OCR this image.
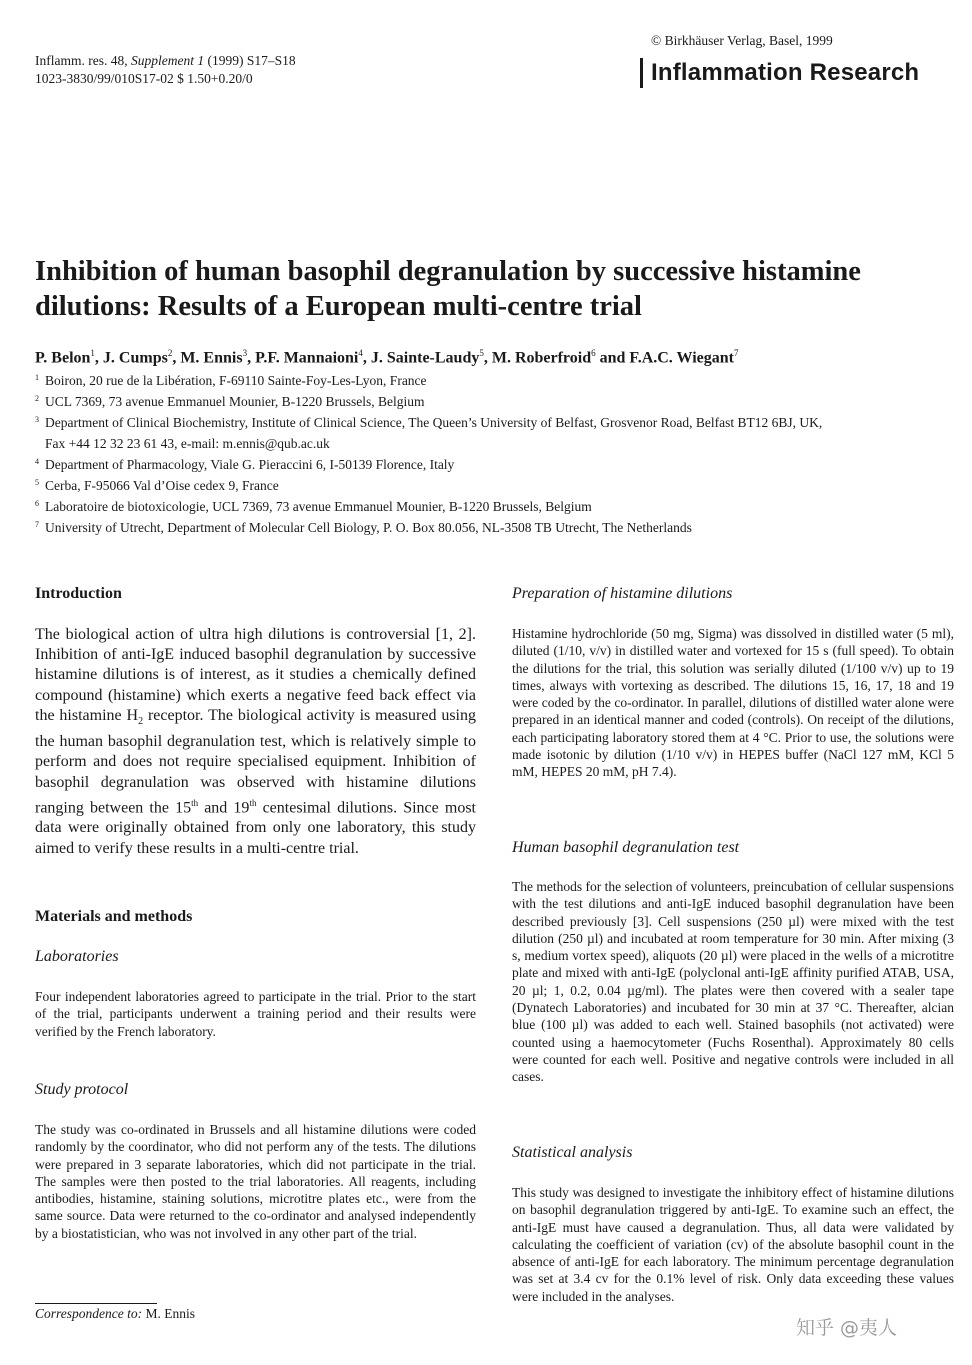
Inflamm. res. 48, Supplement 1 (1999) S17–S18
1023-3830/99/010S17-02 $ 1.50+0.20/0
© Birkhäuser Verlag, Basel, 1999
Inflammation Research
Inhibition of human basophil degranulation by successive histamine dilutions: Results of a European multi-centre trial
P. Belon$^1$, J. Cumps$^2$, M. Ennis$^3$, P.F. Mannaioni$^4$, J. Sainte-Laudy$^5$, M. Roberfroid$^6$ and F.A.C. Wiegant$^7$
1 Boiron, 20 rue de la Libération, F-69110 Sainte-Foy-Les-Lyon, France
2 UCL 7369, 73 avenue Emmanuel Mounier, B-1220 Brussels, Belgium
3 Department of Clinical Biochemistry, Institute of Clinical Science, The Queen’s University of Belfast, Grosvenor Road, Belfast BT12 6BJ, UK,
Fax +44 12 32 23 61 43, e-mail: m.ennis@qub.ac.uk
4 Department of Pharmacology, Viale G. Pieraccini 6, I-50139 Florence, Italy
5 Cerba, F-95066 Val d’Oise cedex 9, France
6 Laboratoire de biotoxicologie, UCL 7369, 73 avenue Emmanuel Mounier, B-1220 Brussels, Belgium
7 University of Utrecht, Department of Molecular Cell Biology, P. O. Box 80.056, NL-3508 TB Utrecht, The Netherlands
Introduction
The biological action of ultra high dilutions is controversial [1, 2]. Inhibition of anti-IgE induced basophil degranulation by successive histamine dilutions is of interest, as it studies a chemically defined compound (histamine) which exerts a negative feed back effect via the histamine $H_2$ receptor. The biological activity is measured using the human basophil degranulation test, which is relatively simple to perform and does not require specialised equipment. Inhibition of basophil degranulation was observed with histamine dilutions ranging between the 15th and 19th centesimal dilutions. Since most data were originally obtained from only one laboratory, this study aimed to verify these results in a multi-centre trial.
Materials and methods
Laboratories
Four independent laboratories agreed to participate in the trial. Prior to the start of the trial, participants underwent a training period and their results were verified by the French laboratory.
Study protocol
The study was co-ordinated in Brussels and all histamine dilutions were coded randomly by the coordinator, who did not perform any of the tests. The dilutions were prepared in 3 separate laboratories, which did not participate in the trial. The samples were then posted to the trial laboratories. All reagents, including antibodies, histamine, staining solutions, microtitre plates etc., were from the same source. Data were returned to the co-ordinator and analysed independently by a biostatistician, who was not involved in any other part of the trial.
Correspondence to: M. Ennis
Preparation of histamine dilutions
Histamine hydrochloride (50 mg, Sigma) was dissolved in distilled water (5 ml), diluted (1/10, v/v) in distilled water and vortexed for 15 s (full speed). To obtain the dilutions for the trial, this solution was serially diluted (1/100 v/v) up to 19 times, always with vortexing as described. The dilutions 15, 16, 17, 18 and 19 were coded by the co-ordinator. In parallel, dilutions of distilled water alone were prepared in an identical manner and coded (controls). On receipt of the dilutions, each participating laboratory stored them at 4 °C. Prior to use, the solutions were made isotonic by dilution (1/10 v/v) in HEPES buffer (NaCl 127 mM, KCl 5 mM, HEPES 20 mM, pH 7.4).
Human basophil degranulation test
The methods for the selection of volunteers, preincubation of cellular suspensions with the test dilutions and anti-IgE induced basophil degranulation have been described previously [3]. Cell suspensions (250 µl) were mixed with the test dilution (250 µl) and incubated at room temperature for 30 min. After mixing (3 s, medium vortex speed), aliquots (20 µl) were placed in the wells of a microtitre plate and mixed with anti-IgE (polyclonal anti-IgE affinity purified ATAB, USA, 20 µl; 1, 0.2, 0.04 µg/ml). The plates were then covered with a sealer tape (Dynatech Laboratories) and incubated for 30 min at 37 °C. Thereafter, alcian blue (100 µl) was added to each well. Stained basophils (not activated) were counted using a haemocytometer (Fuchs Rosenthal). Approximately 80 cells were counted for each well. Positive and negative controls were included in all cases.
Statistical analysis
This study was designed to investigate the inhibitory effect of histamine dilutions on basophil degranulation triggered by anti-IgE. To examine such an effect, the anti-IgE must have caused a degranulation. Thus, all data were validated by calculating the coefficient of variation (cv) of the absolute basophil count in the absence of anti-IgE for each laboratory. The minimum percentage degranulation was set at 3.4 cv for the 0.1% level of risk. Only data exceeding these values were included in the analyses.
知乎 @夷人
